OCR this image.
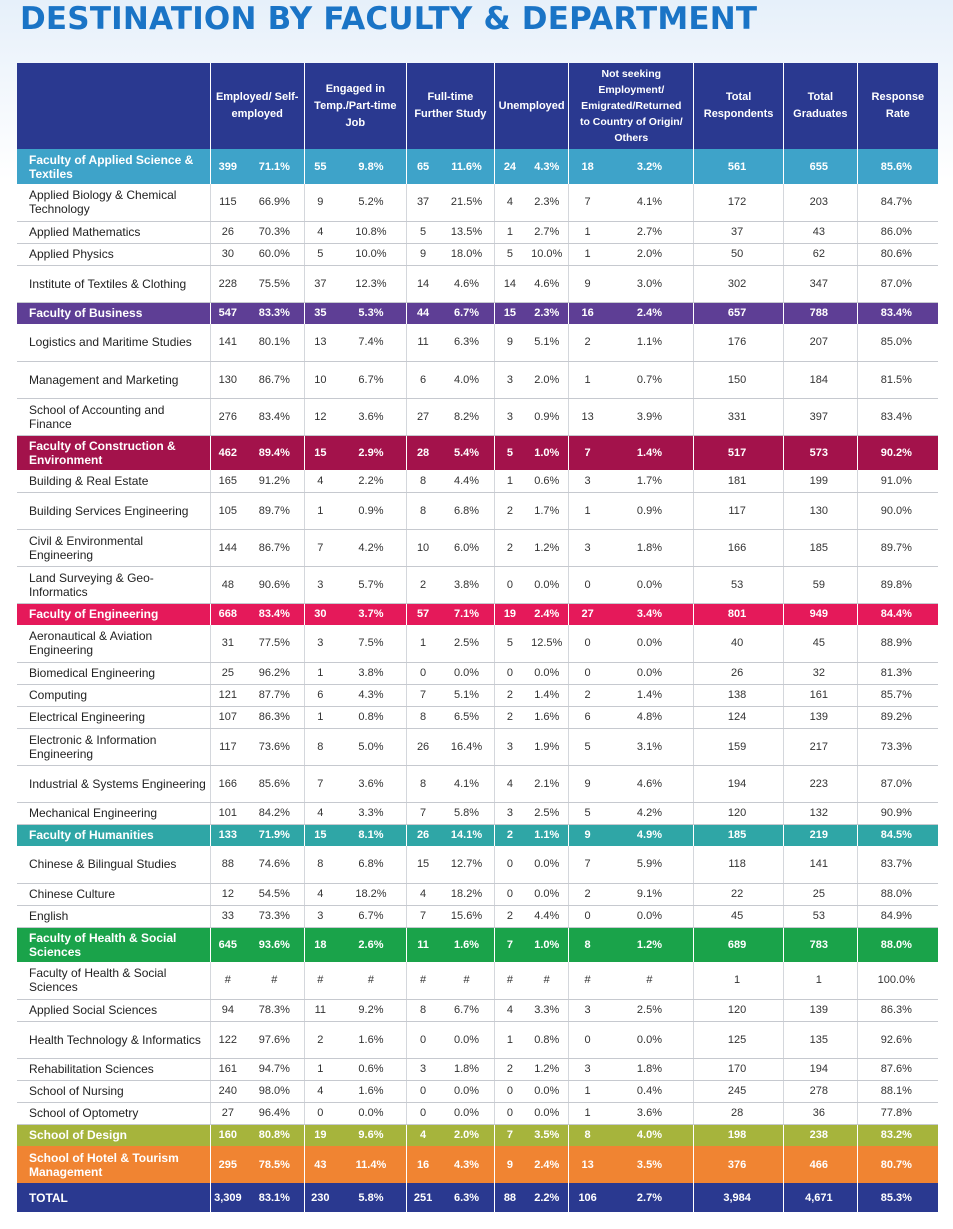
DESTINATION BY FACULTY & DEPARTMENT
	Employed/ Self-employed		Engaged in Temp./Part-time Job		Full-time Further Study		Unemployed		Not seeking Employment/ Emigrated/Returned to Country of Origin/ Others		Total Respondents	Total Graduates	Response Rate
Faculty of Applied Science & Textiles	399	71.1%	55	9.8%	65	11.6%	24	4.3%	18	3.2%	561	655	85.6%
Applied Biology & Chemical Technology	115	66.9%	9	5.2%	37	21.5%	4	2.3%	7	4.1%	172	203	84.7%
Applied Mathematics	26	70.3%	4	10.8%	5	13.5%	1	2.7%	1	2.7%	37	43	86.0%
Applied Physics	30	60.0%	5	10.0%	9	18.0%	5	10.0%	1	2.0%	50	62	80.6%
Institute of Textiles & Clothing	228	75.5%	37	12.3%	14	4.6%	14	4.6%	9	3.0%	302	347	87.0%
Faculty of Business	547	83.3%	35	5.3%	44	6.7%	15	2.3%	16	2.4%	657	788	83.4%
Logistics and Maritime Studies	141	80.1%	13	7.4%	11	6.3%	9	5.1%	2	1.1%	176	207	85.0%
Management and Marketing	130	86.7%	10	6.7%	6	4.0%	3	2.0%	1	0.7%	150	184	81.5%
School of Accounting and Finance	276	83.4%	12	3.6%	27	8.2%	3	0.9%	13	3.9%	331	397	83.4%
Faculty of Construction & Environment	462	89.4%	15	2.9%	28	5.4%	5	1.0%	7	1.4%	517	573	90.2%
Building & Real Estate	165	91.2%	4	2.2%	8	4.4%	1	0.6%	3	1.7%	181	199	91.0%
Building Services Engineering	105	89.7%	1	0.9%	8	6.8%	2	1.7%	1	0.9%	117	130	90.0%
Civil & Environmental Engineering	144	86.7%	7	4.2%	10	6.0%	2	1.2%	3	1.8%	166	185	89.7%
Land Surveying & Geo-Informatics	48	90.6%	3	5.7%	2	3.8%	0	0.0%	0	0.0%	53	59	89.8%
Faculty of Engineering	668	83.4%	30	3.7%	57	7.1%	19	2.4%	27	3.4%	801	949	84.4%
Aeronautical & Aviation Engineering	31	77.5%	3	7.5%	1	2.5%	5	12.5%	0	0.0%	40	45	88.9%
Biomedical Engineering	25	96.2%	1	3.8%	0	0.0%	0	0.0%	0	0.0%	26	32	81.3%
Computing	121	87.7%	6	4.3%	7	5.1%	2	1.4%	2	1.4%	138	161	85.7%
Electrical Engineering	107	86.3%	1	0.8%	8	6.5%	2	1.6%	6	4.8%	124	139	89.2%
Electronic & Information Engineering	117	73.6%	8	5.0%	26	16.4%	3	1.9%	5	3.1%	159	217	73.3%
Industrial & Systems Engineering	166	85.6%	7	3.6%	8	4.1%	4	2.1%	9	4.6%	194	223	87.0%
Mechanical Engineering	101	84.2%	4	3.3%	7	5.8%	3	2.5%	5	4.2%	120	132	90.9%
Faculty of Humanities	133	71.9%	15	8.1%	26	14.1%	2	1.1%	9	4.9%	185	219	84.5%
Chinese & Bilingual Studies	88	74.6%	8	6.8%	15	12.7%	0	0.0%	7	5.9%	118	141	83.7%
Chinese Culture	12	54.5%	4	18.2%	4	18.2%	0	0.0%	2	9.1%	22	25	88.0%
English	33	73.3%	3	6.7%	7	15.6%	2	4.4%	0	0.0%	45	53	84.9%
Faculty of Health & Social Sciences	645	93.6%	18	2.6%	11	1.6%	7	1.0%	8	1.2%	689	783	88.0%
Faculty of Health & Social Sciences	#	#	#	#	#	#	#	#	#	#	1	1	100.0%
Applied Social Sciences	94	78.3%	11	9.2%	8	6.7%	4	3.3%	3	2.5%	120	139	86.3%
Health Technology & Informatics	122	97.6%	2	1.6%	0	0.0%	1	0.8%	0	0.0%	125	135	92.6%
Rehabilitation Sciences	161	94.7%	1	0.6%	3	1.8%	2	1.2%	3	1.8%	170	194	87.6%
School of Nursing	240	98.0%	4	1.6%	0	0.0%	0	0.0%	1	0.4%	245	278	88.1%
School of Optometry	27	96.4%	0	0.0%	0	0.0%	0	0.0%	1	3.6%	28	36	77.8%
School of Design	160	80.8%	19	9.6%	4	2.0%	7	3.5%	8	4.0%	198	238	83.2%
School of Hotel & Tourism Management	295	78.5%	43	11.4%	16	4.3%	9	2.4%	13	3.5%	376	466	80.7%
TOTAL	3,309	83.1%	230	5.8%	251	6.3%	88	2.2%	106	2.7%	3,984	4,671	85.3%
